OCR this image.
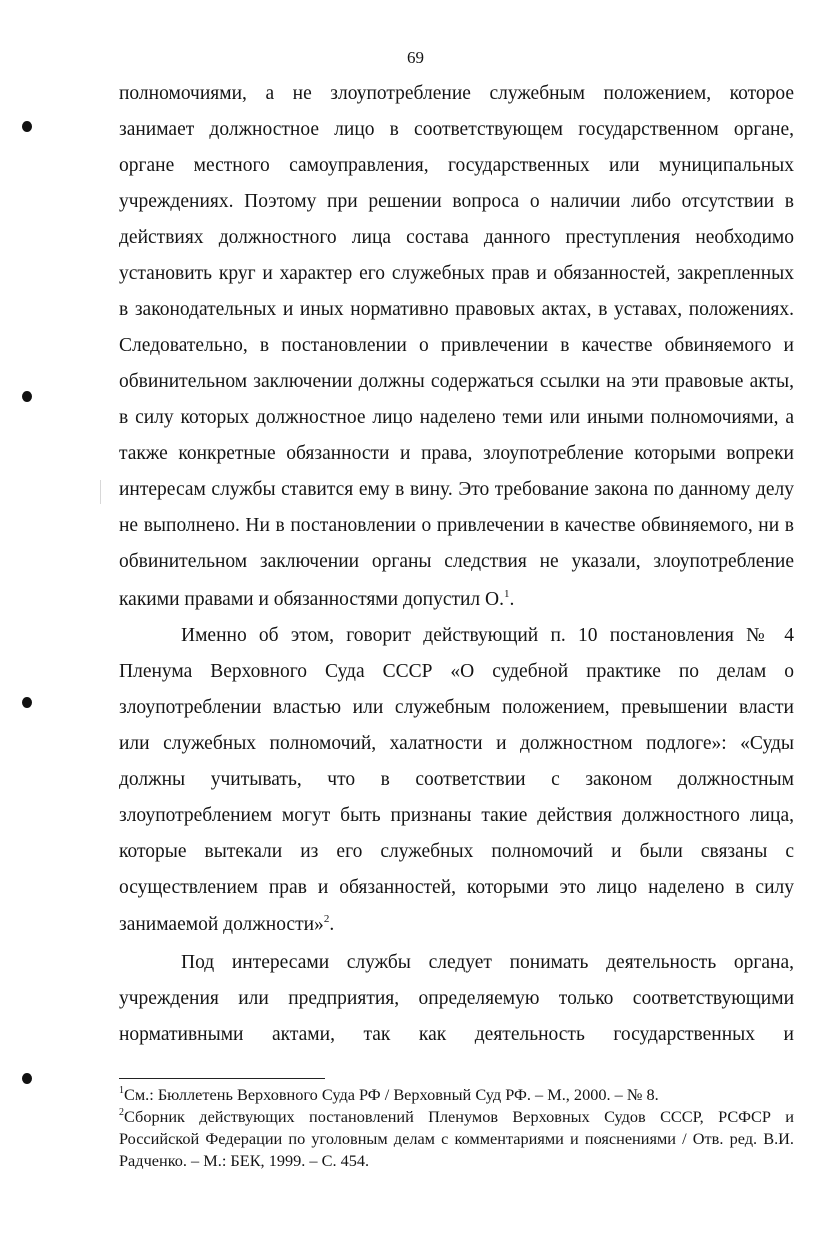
69
полномочиями, а не злоупотребление служебным положением, которое
занимает должностное лицо в соответствующем государственном органе,
органе местного самоуправления, государственных или муниципальных
учреждениях. Поэтому при решении вопроса о наличии либо отсутствии в
действиях должностного лица состава данного преступления необходимо
установить круг и характер его служебных прав и обязанностей, закрепленных
в законодательных и иных нормативно правовых актах, в уставах, положениях.
Следовательно, в постановлении о привлечении в качестве обвиняемого и
обвинительном заключении должны содержаться ссылки на эти правовые акты,
в силу которых должностное лицо наделено теми или иными полномочиями, а
также конкретные обязанности и права, злоупотребление которыми вопреки
интересам службы ставится ему в вину. Это требование закона по данному делу
не выполнено. Ни в постановлении о привлечении в качестве обвиняемого, ни в
обвинительном заключении органы следствия не указали, злоупотребление
какими правами и обязанностями допустил О.$^1$.
Именно об этом, говорит действующий п. 10 постановления № 4
Пленума Верховного Суда СССР «О судебной практике по делам о
злоупотреблении властью или служебным положением, превышении власти
или служебных полномочий, халатности и должностном подлоге»: «Суды
должны учитывать, что в соответствии с законом должностным
злоупотреблением могут быть признаны такие действия должностного лица,
которые вытекали из его служебных полномочий и были связаны с
осуществлением прав и обязанностей, которыми это лицо наделено в силу
занимаемой должности»$^2$.
Под интересами службы следует понимать деятельность органа,
учреждения или предприятия, определяемую только соответствующими
нормативными актами, так как деятельность государственных и
$^1$См.: Бюллетень Верховного Суда РФ / Верховный Суд РФ. – М., 2000. – № 8.
$^2$Сборник действующих постановлений Пленумов Верховных Судов СССР, РСФСР и
Российской Федерации по уголовным делам с комментариями и пояснениями / Отв. ред. В.И.
Радченко. – М.: БЕК, 1999. – С. 454.
